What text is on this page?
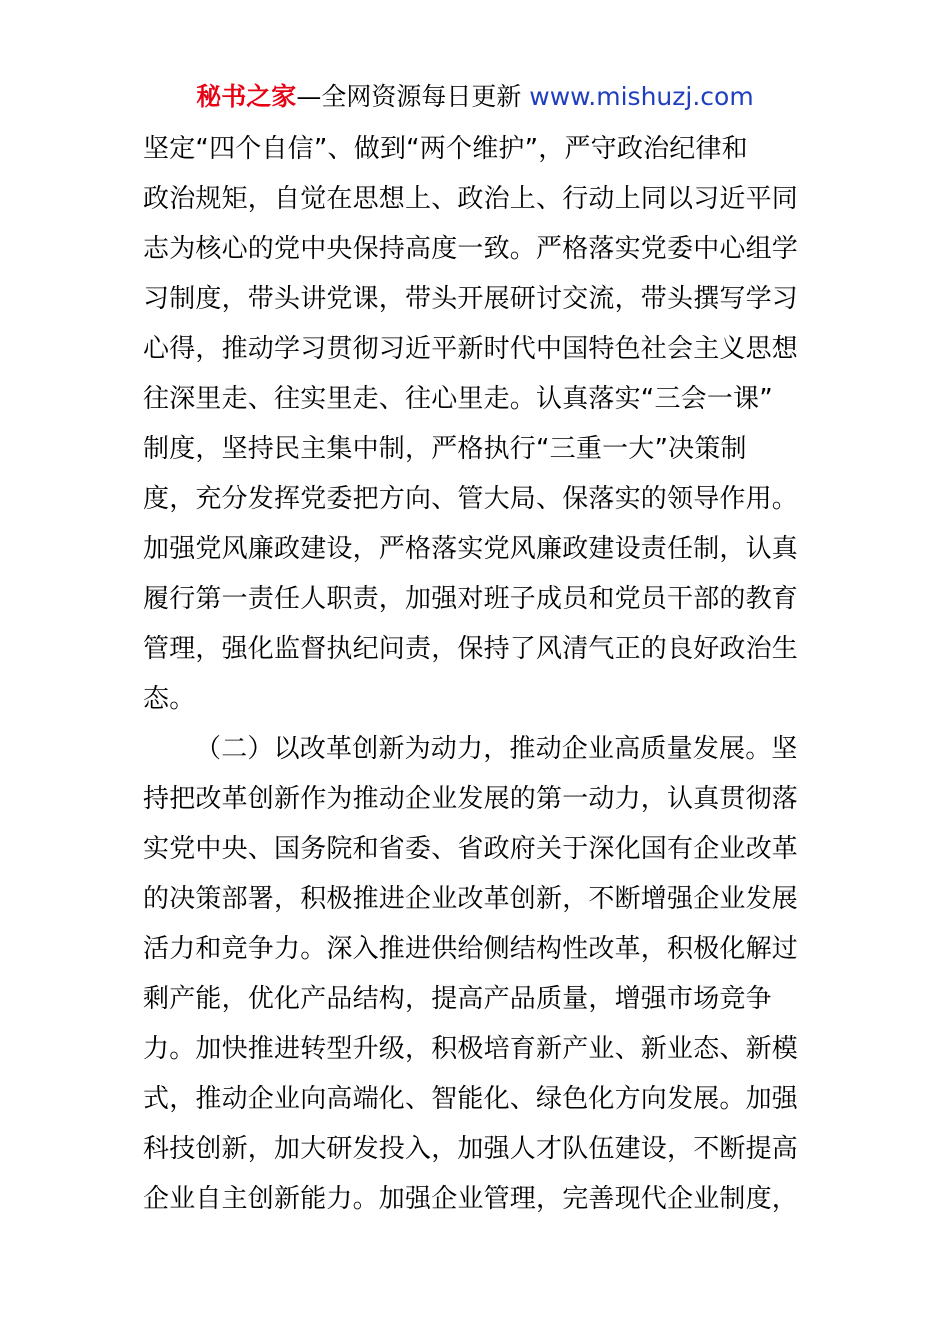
秘书之家—全网资源每日更新 www.mishuzj.com
坚定“四个自信”、做到“两个维护”，严守政治纪律和
政治规矩，自觉在思想上、政治上、行动上同以习近平同
志为核心的党中央保持高度一致。严格落实党委中心组学
习制度，带头讲党课，带头开展研讨交流，带头撰写学习
心得，推动学习贯彻习近平新时代中国特色社会主义思想
往深里走、往实里走、往心里走。认真落实“三会一课”
制度，坚持民主集中制，严格执行“三重一大”决策制
度，充分发挥党委把方向、管大局、保落实的领导作用。
加强党风廉政建设，严格落实党风廉政建设责任制，认真
履行第一责任人职责，加强对班子成员和党员干部的教育
管理，强化监督执纪问责，保持了风清气正的良好政治生
态。
（二）以改革创新为动力，推动企业高质量发展。坚
持把改革创新作为推动企业发展的第一动力，认真贯彻落
实党中央、国务院和省委、省政府关于深化国有企业改革
的决策部署，积极推进企业改革创新，不断增强企业发展
活力和竞争力。深入推进供给侧结构性改革，积极化解过
剩产能，优化产品结构，提高产品质量，增强市场竞争
力。加快推进转型升级，积极培育新产业、新业态、新模
式，推动企业向高端化、智能化、绿色化方向发展。加强
科技创新，加大研发投入，加强人才队伍建设，不断提高
企业自主创新能力。加强企业管理，完善现代企业制度，
